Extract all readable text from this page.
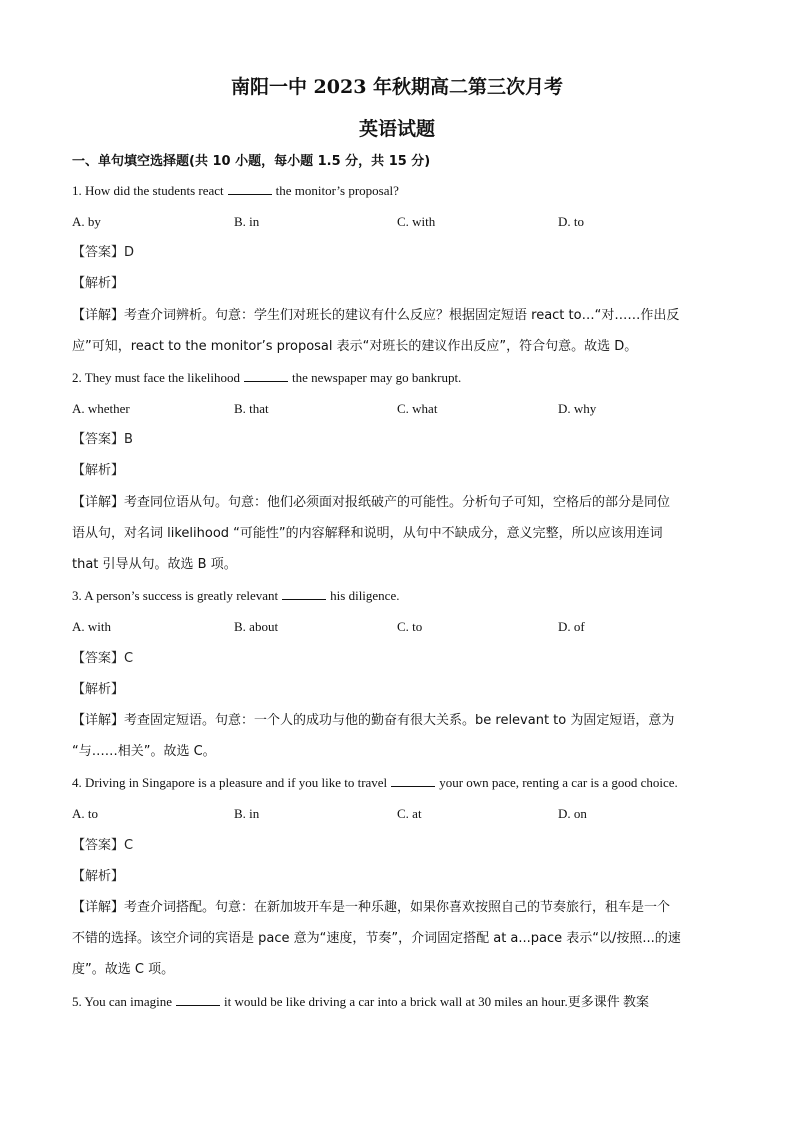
南阳一中 2023 年秋期高二第三次月考
英语试题
一、单句填空选择题(共 10 小题，每小题 1.5 分，共 15 分)
1. How did the students react	the monitor’s proposal?
A. by	B. in	C. with	D. to
【答案】D
【解析】
【详解】考查介词辨析。句意：学生们对班长的建议有什么反应？根据固定短语 react to…“对……作出反
应”可知，react to the monitor’s proposal 表示“对班长的建议作出反应”，符合句意。故选 D。
2. They must face the likelihood	the newspaper may go bankrupt.
A. whether	B. that	C. what	D. why
【答案】B
【解析】
【详解】考查同位语从句。句意：他们必须面对报纸破产的可能性。分析句子可知，空格后的部分是同位
语从句，对名词 likelihood “可能性”的内容解释和说明，从句中不缺成分，意义完整，所以应该用连词
that 引导从句。故选 B 项。
3. A person’s success is greatly relevant	his diligence.
A. with	B. about	C. to	D. of
【答案】C
【解析】
【详解】考查固定短语。句意：一个人的成功与他的勤奋有很大关系。be relevant to 为固定短语，意为
“与……相关”。故选 C。
4. Driving in Singapore is a pleasure and if you like to travel	your own pace, renting a car is a good choice.
A. to	B. in	C. at	D. on
【答案】C
【解析】
【详解】考查介词搭配。句意：在新加坡开车是一种乐趣，如果你喜欢按照自己的节奏旅行，租车是一个
不错的选择。该空介词的宾语是 pace 意为“速度，节奏”，介词固定搭配 at a...pace 表示“以/按照...的速
度”。故选 C 项。
5. You can imagine	it would be like driving a car into a brick wall at 30 miles an hour.更多课件 教案
